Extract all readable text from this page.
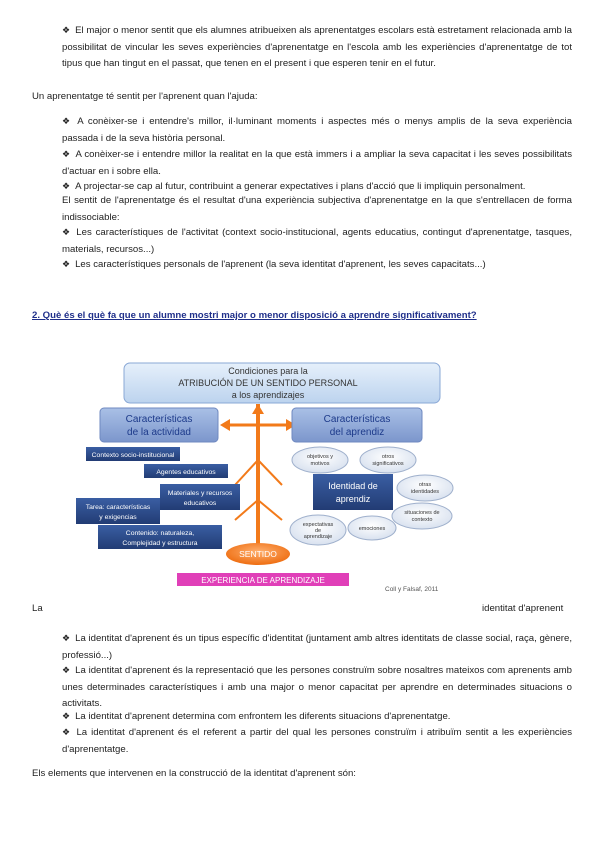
❖ El major o menor sentit que els alumnes atribueixen als aprenentatges escolars està estretament relacionada amb la possibilitat de vincular les seves experiències d'aprenentatge en l'escola amb les experiències d'aprenentatge de tot tipus que han tingut en el passat, que tenen en el present i que esperen tenir en el futur.
Un aprenentatge té sentit per l'aprenent quan l'ajuda:
❖ A conèixer-se i entendre's millor, il·luminant moments i aspectes més o menys amplis de la seva experiència passada i de la seva història personal.
❖ A conèixer-se i entendre millor la realitat en la que està immers i a ampliar la seva capacitat i les seves possibilitats d'actuar en i sobre ella.
❖ A projectar-se cap al futur, contribuint a generar expectatives i plans d'acció que li impliquin personalment.
El sentit de l'aprenentatge és el resultat d'una experiència subjectiva d'aprenentatge en la que s'entrellacen de forma indissociable:
❖ Les característiques de l'activitat (context socio-institucional, agents educatius, contingut d'aprenentatge, tasques, materials, recursos...)
❖ Les característiques personals de l'aprenent (la seva identitat d'aprenent, les seves capacitats...)
2. Què és el què fa que un alumne mostri major o menor disposició a aprendre significativament?
Condiciones para la
ATRIBUCIÓN DE UN SENTIDO PERSONAL
a los aprendizajes
Características
de la actividad
Características
del aprendiz
Contexto socio-institucional
Agentes educativos
Materiales y recursos
educativos
Tarea: características
y exigencias
Contenido: naturaleza,
Complejidad y estructura
Identidad de
aprendiz
objetivos y
motivos
otros
significativos
otras
identidades
situaciones de
contexto
expectativas
de
aprendizaje
emociones
SENTIDO
EXPERIENCIA DE APRENDIZAJE
Coll y Falsaf, 2011
La	identitat d'aprenent
❖ La identitat d'aprenent és un tipus específic d'identitat (juntament amb altres identitats de classe social, raça, gènere, professió...)
❖ La identitat d'aprenent és la representació que les persones construïm sobre nosaltres mateixos com aprenents amb unes determinades característiques i amb una major o menor capacitat per aprendre en determinades situacions o activitats.
❖ La identitat d'aprenent determina com enfrontem les diferents situacions d'aprenentatge.
❖ La identitat d'aprenent és el referent a partir del qual les persones construïm i atribuïm sentit a les experiències d'aprenentatge.
Els elements que intervenen en la construcció de la identitat d'aprenent són:
